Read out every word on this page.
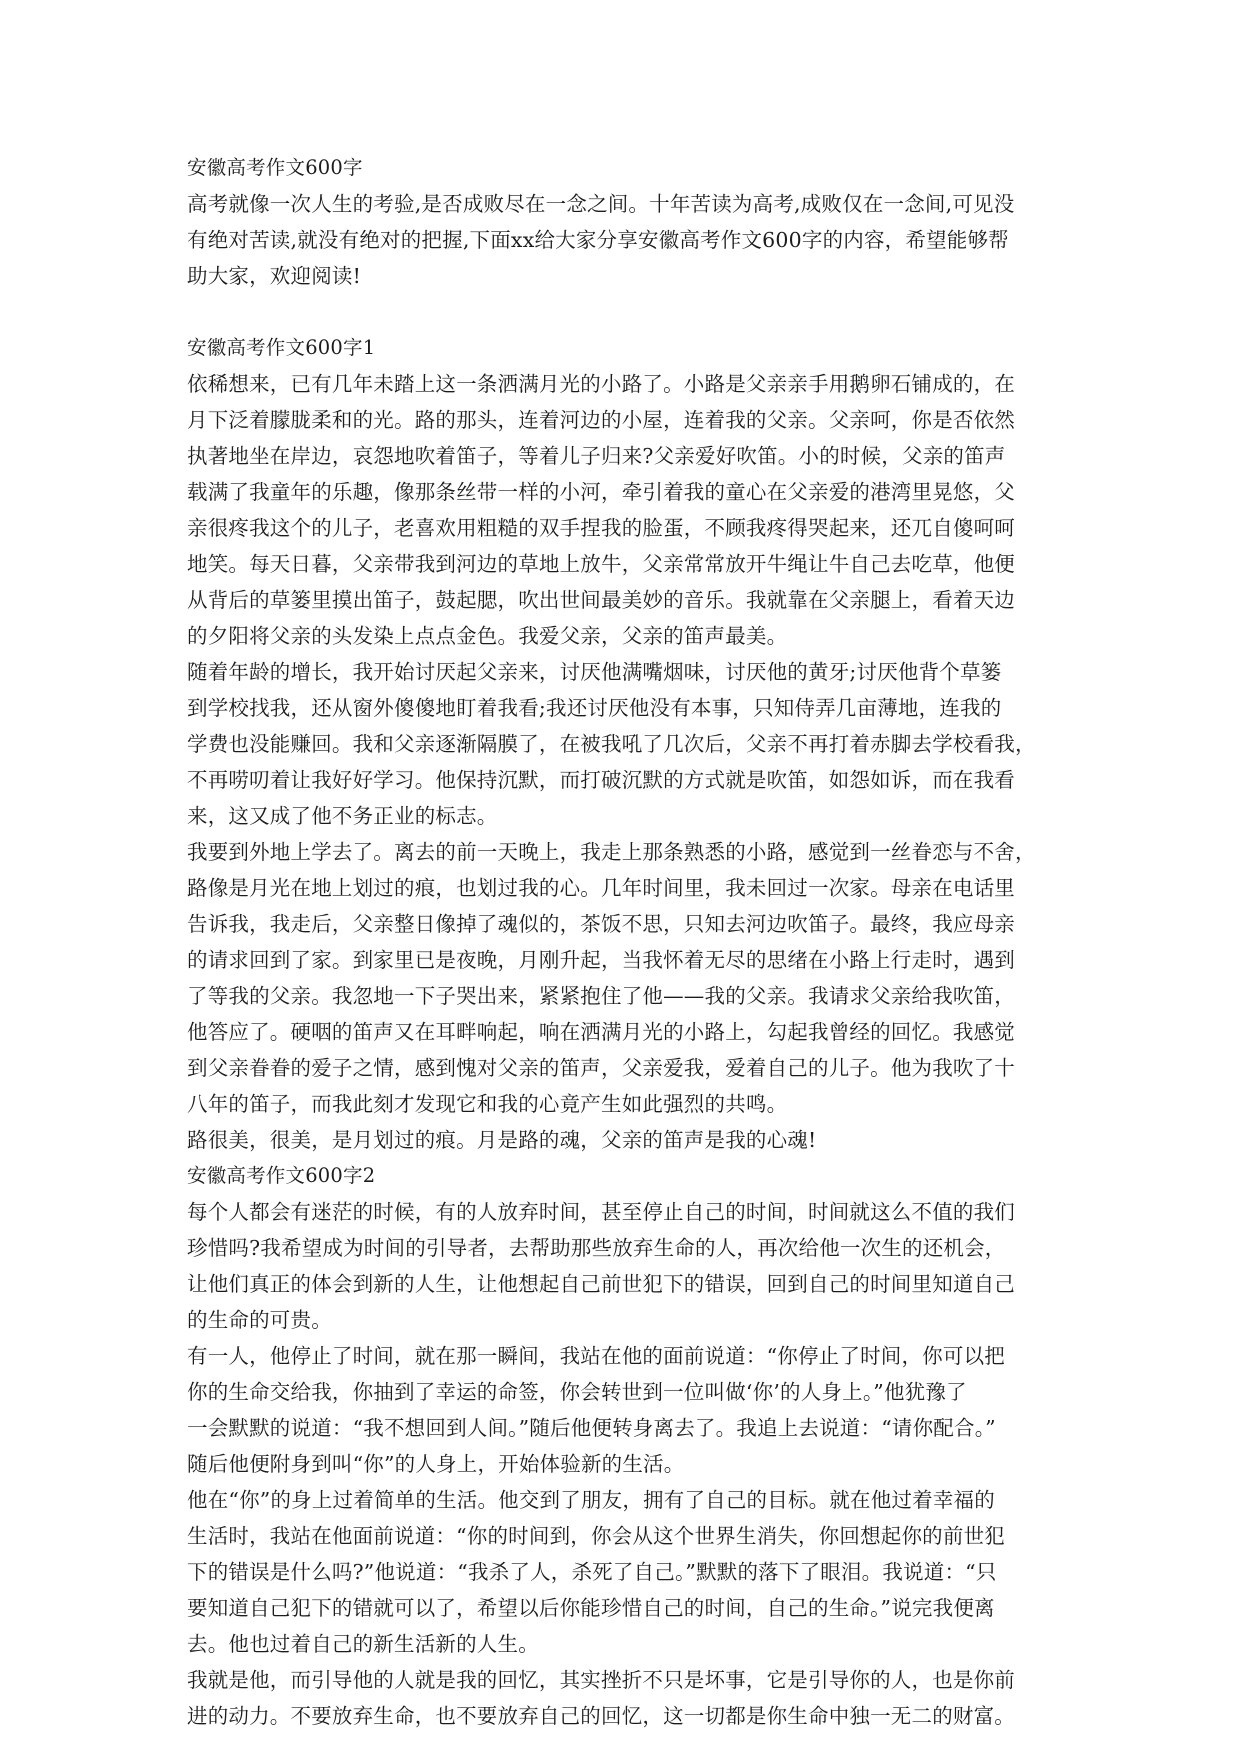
安徽高考作文600字
高考就像一次人生的考验,是否成败尽在一念之间。十年苦读为高考,成败仅在一念间,可见没
有绝对苦读,就没有绝对的把握,下面xx给大家分享安徽高考作文600字的内容，希望能够帮
助大家，欢迎阅读!
安徽高考作文600字1
依稀想来，已有几年未踏上这一条洒满月光的小路了。小路是父亲亲手用鹅卵石铺成的，在
月下泛着朦胧柔和的光。路的那头，连着河边的小屋，连着我的父亲。父亲呵，你是否依然
执著地坐在岸边，哀怨地吹着笛子，等着儿子归来?父亲爱好吹笛。小的时候，父亲的笛声
载满了我童年的乐趣，像那条丝带一样的小河，牵引着我的童心在父亲爱的港湾里晃悠，父
亲很疼我这个的儿子，老喜欢用粗糙的双手捏我的脸蛋，不顾我疼得哭起来，还兀自傻呵呵
地笑。每天日暮，父亲带我到河边的草地上放牛，父亲常常放开牛绳让牛自己去吃草，他便
从背后的草篓里摸出笛子，鼓起腮，吹出世间最美妙的音乐。我就靠在父亲腿上，看着天边
的夕阳将父亲的头发染上点点金色。我爱父亲，父亲的笛声最美。
随着年龄的增长，我开始讨厌起父亲来，讨厌他满嘴烟味，讨厌他的黄牙;讨厌他背个草篓
到学校找我，还从窗外傻傻地盯着我看;我还讨厌他没有本事，只知侍弄几亩薄地，连我的
学费也没能赚回。我和父亲逐渐隔膜了，在被我吼了几次后，父亲不再打着赤脚去学校看我，
不再唠叨着让我好好学习。他保持沉默，而打破沉默的方式就是吹笛，如怨如诉，而在我看
来，这又成了他不务正业的标志。
我要到外地上学去了。离去的前一天晚上，我走上那条熟悉的小路，感觉到一丝眷恋与不舍，
路像是月光在地上划过的痕，也划过我的心。几年时间里，我未回过一次家。母亲在电话里
告诉我，我走后，父亲整日像掉了魂似的，茶饭不思，只知去河边吹笛子。最终，我应母亲
的请求回到了家。到家里已是夜晚，月刚升起，当我怀着无尽的思绪在小路上行走时，遇到
了等我的父亲。我忽地一下子哭出来，紧紧抱住了他——我的父亲。我请求父亲给我吹笛，
他答应了。硬咽的笛声又在耳畔响起，响在洒满月光的小路上，勾起我曾经的回忆。我感觉
到父亲眷眷的爱子之情，感到愧对父亲的笛声，父亲爱我，爱着自己的儿子。他为我吹了十
八年的笛子，而我此刻才发现它和我的心竟产生如此强烈的共鸣。
路很美，很美，是月划过的痕。月是路的魂，父亲的笛声是我的心魂!
安徽高考作文600字2
每个人都会有迷茫的时候，有的人放弃时间，甚至停止自己的时间，时间就这么不值的我们
珍惜吗?我希望成为时间的引导者，去帮助那些放弃生命的人，再次给他一次生的还机会，
让他们真正的体会到新的人生，让他想起自己前世犯下的错误，回到自己的时间里知道自己
的生命的可贵。
有一人，他停止了时间，就在那一瞬间，我站在他的面前说道：“你停止了时间，你可以把
你的生命交给我，你抽到了幸运的命签，你会转世到一位叫做‘你’的人身上。”他犹豫了
一会默默的说道：“我不想回到人间。”随后他便转身离去了。我追上去说道：“请你配合。”
随后他便附身到叫“你”的人身上，开始体验新的生活。
他在“你”的身上过着简单的生活。他交到了朋友，拥有了自己的目标。就在他过着幸福的
生活时，我站在他面前说道：“你的时间到，你会从这个世界生消失，你回想起你的前世犯
下的错误是什么吗?”他说道：“我杀了人，杀死了自己。”默默的落下了眼泪。我说道：“只
要知道自己犯下的错就可以了，希望以后你能珍惜自己的时间，自己的生命。”说完我便离
去。他也过着自己的新生活新的人生。
我就是他，而引导他的人就是我的回忆，其实挫折不只是坏事，它是引导你的人，也是你前
进的动力。不要放弃生命，也不要放弃自己的回忆，这一切都是你生命中独一无二的财富。
